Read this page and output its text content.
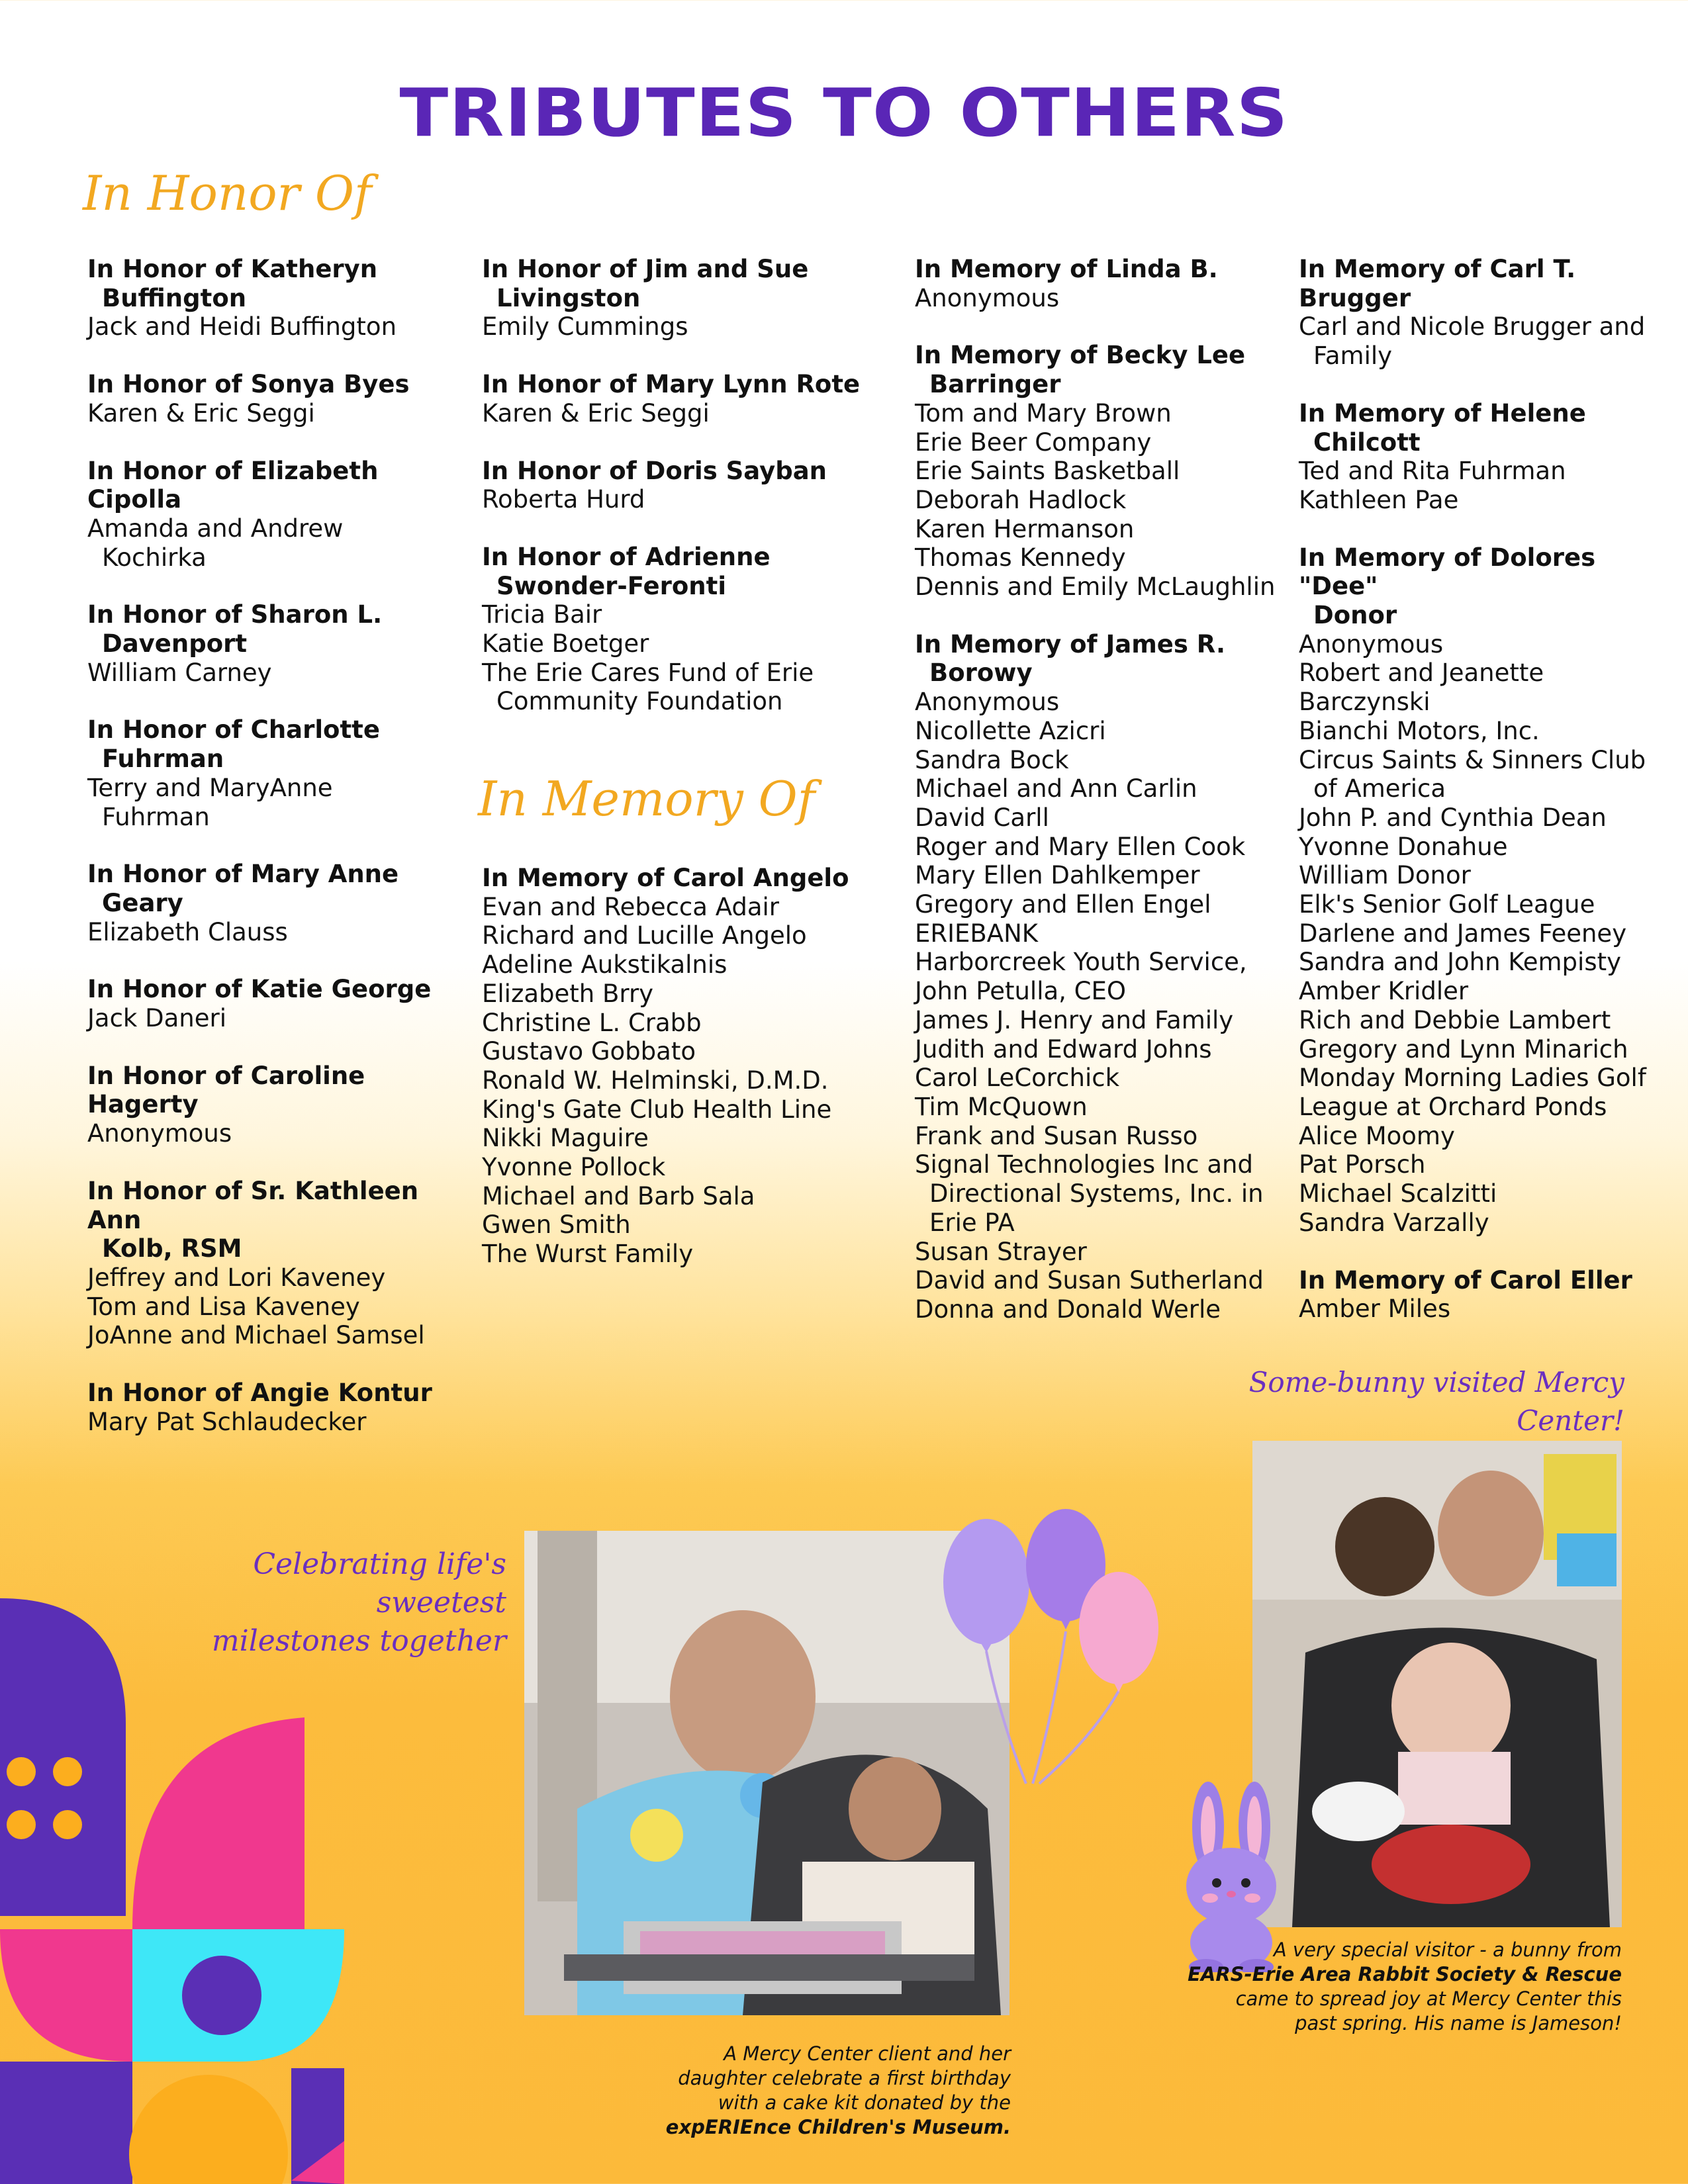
TRIBUTES TO OTHERS
In Honor Of
In Memory Of
In Honor of Katheryn
Buffington
Jack and Heidi Buffington
In Honor of Sonya Byes
Karen & Eric Seggi
In Honor of Elizabeth Cipolla
Amanda and Andrew
Kochirka
In Honor of Sharon L.
Davenport
William Carney
In Honor of Charlotte
Fuhrman
Terry and MaryAnne
Fuhrman
In Honor of Mary Anne
Geary
Elizabeth Clauss
In Honor of Katie George
Jack Daneri
In Honor of Caroline Hagerty
Anonymous
In Honor of Sr. Kathleen Ann
Kolb, RSM
Jeffrey and Lori Kaveney
Tom and Lisa Kaveney
JoAnne and Michael Samsel
In Honor of Angie Kontur
Mary Pat Schlaudecker
In Honor of Jim and Sue
Livingston
Emily Cummings
In Honor of Mary Lynn Rote
Karen & Eric Seggi
In Honor of Doris Sayban
Roberta Hurd
In Honor of Adrienne
Swonder-Feronti
Tricia Bair
Katie Boetger
The Erie Cares Fund of Erie
Community Foundation
In Memory of Carol Angelo
Evan and Rebecca Adair
Richard and Lucille Angelo
Adeline Aukstikalnis
Elizabeth Brry
Christine L. Crabb
Gustavo Gobbato
Ronald W. Helminski, D.M.D.
King's Gate Club Health Line
Nikki Maguire
Yvonne Pollock
Michael and Barb Sala
Gwen Smith
The Wurst Family
In Memory of Linda B.
Anonymous
In Memory of Becky Lee
Barringer
Tom and Mary Brown
Erie Beer Company
Erie Saints Basketball
Deborah Hadlock
Karen Hermanson
Thomas Kennedy
Dennis and Emily McLaughlin
In Memory of James R.
Borowy
Anonymous
Nicollette Azicri
Sandra Bock
Michael and Ann Carlin
David Carll
Roger and Mary Ellen Cook
Mary Ellen Dahlkemper
Gregory and Ellen Engel
ERIEBANK
Harborcreek Youth Service,
John Petulla, CEO
James J. Henry and Family
Judith and Edward Johns
Carol LeCorchick
Tim McQuown
Frank and Susan Russo
Signal Technologies Inc and
Directional Systems, Inc. in
Erie PA
Susan Strayer
David and Susan Sutherland
Donna and Donald Werle
In Memory of Carl T. Brugger
Carl and Nicole Brugger and
Family
In Memory of Helene
Chilcott
Ted and Rita Fuhrman
Kathleen Pae
In Memory of Dolores "Dee"
Donor
Anonymous
Robert and Jeanette
Barczynski
Bianchi Motors, Inc.
Circus Saints & Sinners Club
of America
John P. and Cynthia Dean
Yvonne Donahue
William Donor
Elk's Senior Golf League
Darlene and James Feeney
Sandra and John Kempisty
Amber Kridler
Rich and Debbie Lambert
Gregory and Lynn Minarich
Monday Morning Ladies Golf
League at Orchard Ponds
Alice Moomy
Pat Porsch
Michael Scalzitti
Sandra Varzally
In Memory of Carol Eller
Amber Miles
Celebrating life's sweetest
milestones together
A Mercy Center client and her
daughter celebrate a first birthday
with a cake kit donated by the
expERIEnce Children's Museum.
Some-bunny visited Mercy Center!
A very special visitor - a bunny from
EARS-Erie Area Rabbit Society & Rescue
came to spread joy at Mercy Center this
past spring. His name is Jameson!
